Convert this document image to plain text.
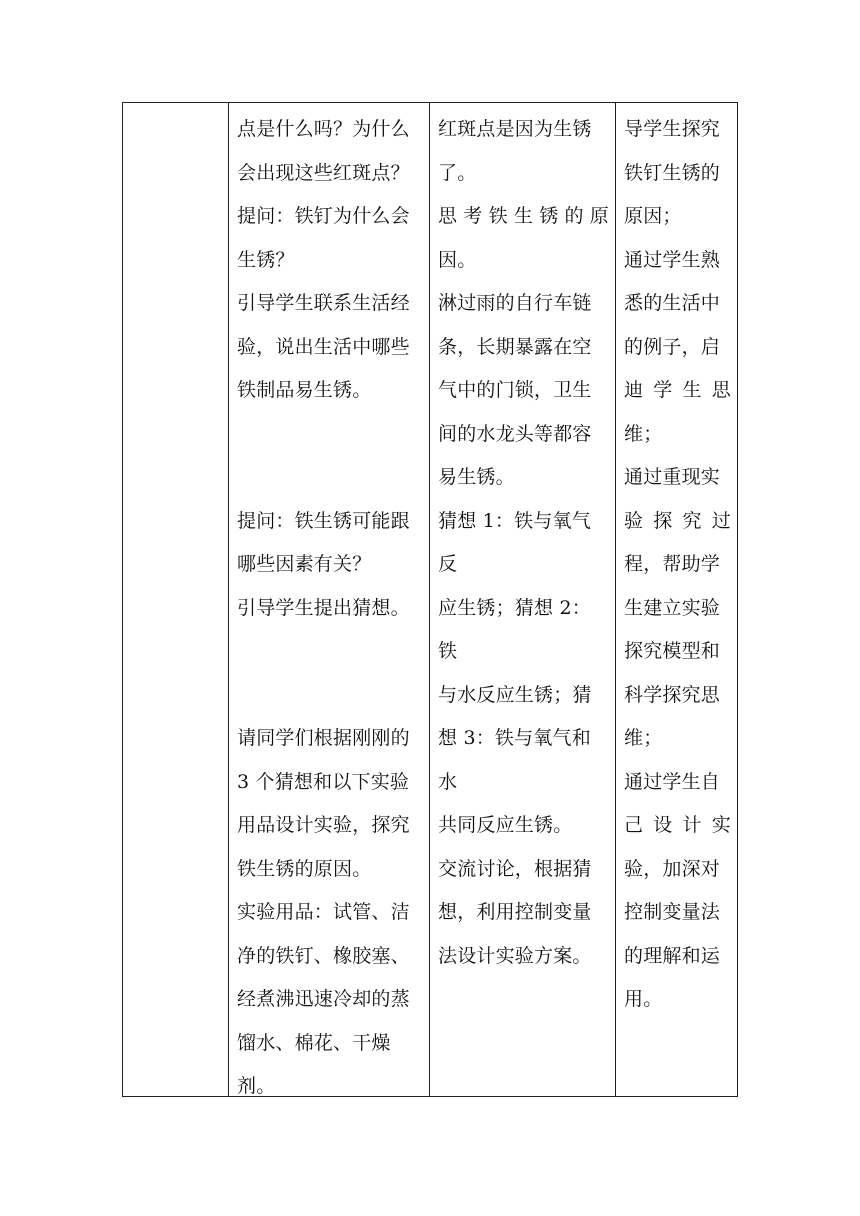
点是什么吗？为什么

会出现这些红斑点？

提问：铁钉为什么会

生锈？

引导学生联系生活经

验，说出生活中哪些

铁制品易生锈。

提问：铁生锈可能跟

哪些因素有关？

引导学生提出猜想。

请同学们根据刚刚的

3 个猜想和以下实验

用品设计实验，探究

铁生锈的原因。

实验用品：试管、洁

净的铁钉、橡胶塞、

经煮沸迅速冷却的蒸

馏水、棉花、干燥剂。

红斑点是因为生锈

了。

思考铁生锈的原

因。

淋过雨的自行车链

条，长期暴露在空

气中的门锁，卫生

间的水龙头等都容

易生锈。

猜想 1：铁与氧气反

应生锈；猜想 2：铁

与水反应生锈；猜

想 3：铁与氧气和水

共同反应生锈。

交流讨论，根据猜

想，利用控制变量

法设计实验方案。

导学生探究

铁钉生锈的

原因；

通过学生熟

悉的生活中

的例子，启

迪学生思

维；

通过重现实

验探究过

程，帮助学

生建立实验

探究模型和

科学探究思

维；

通过学生自

己设计实

验，加深对

控制变量法

的理解和运

用。
